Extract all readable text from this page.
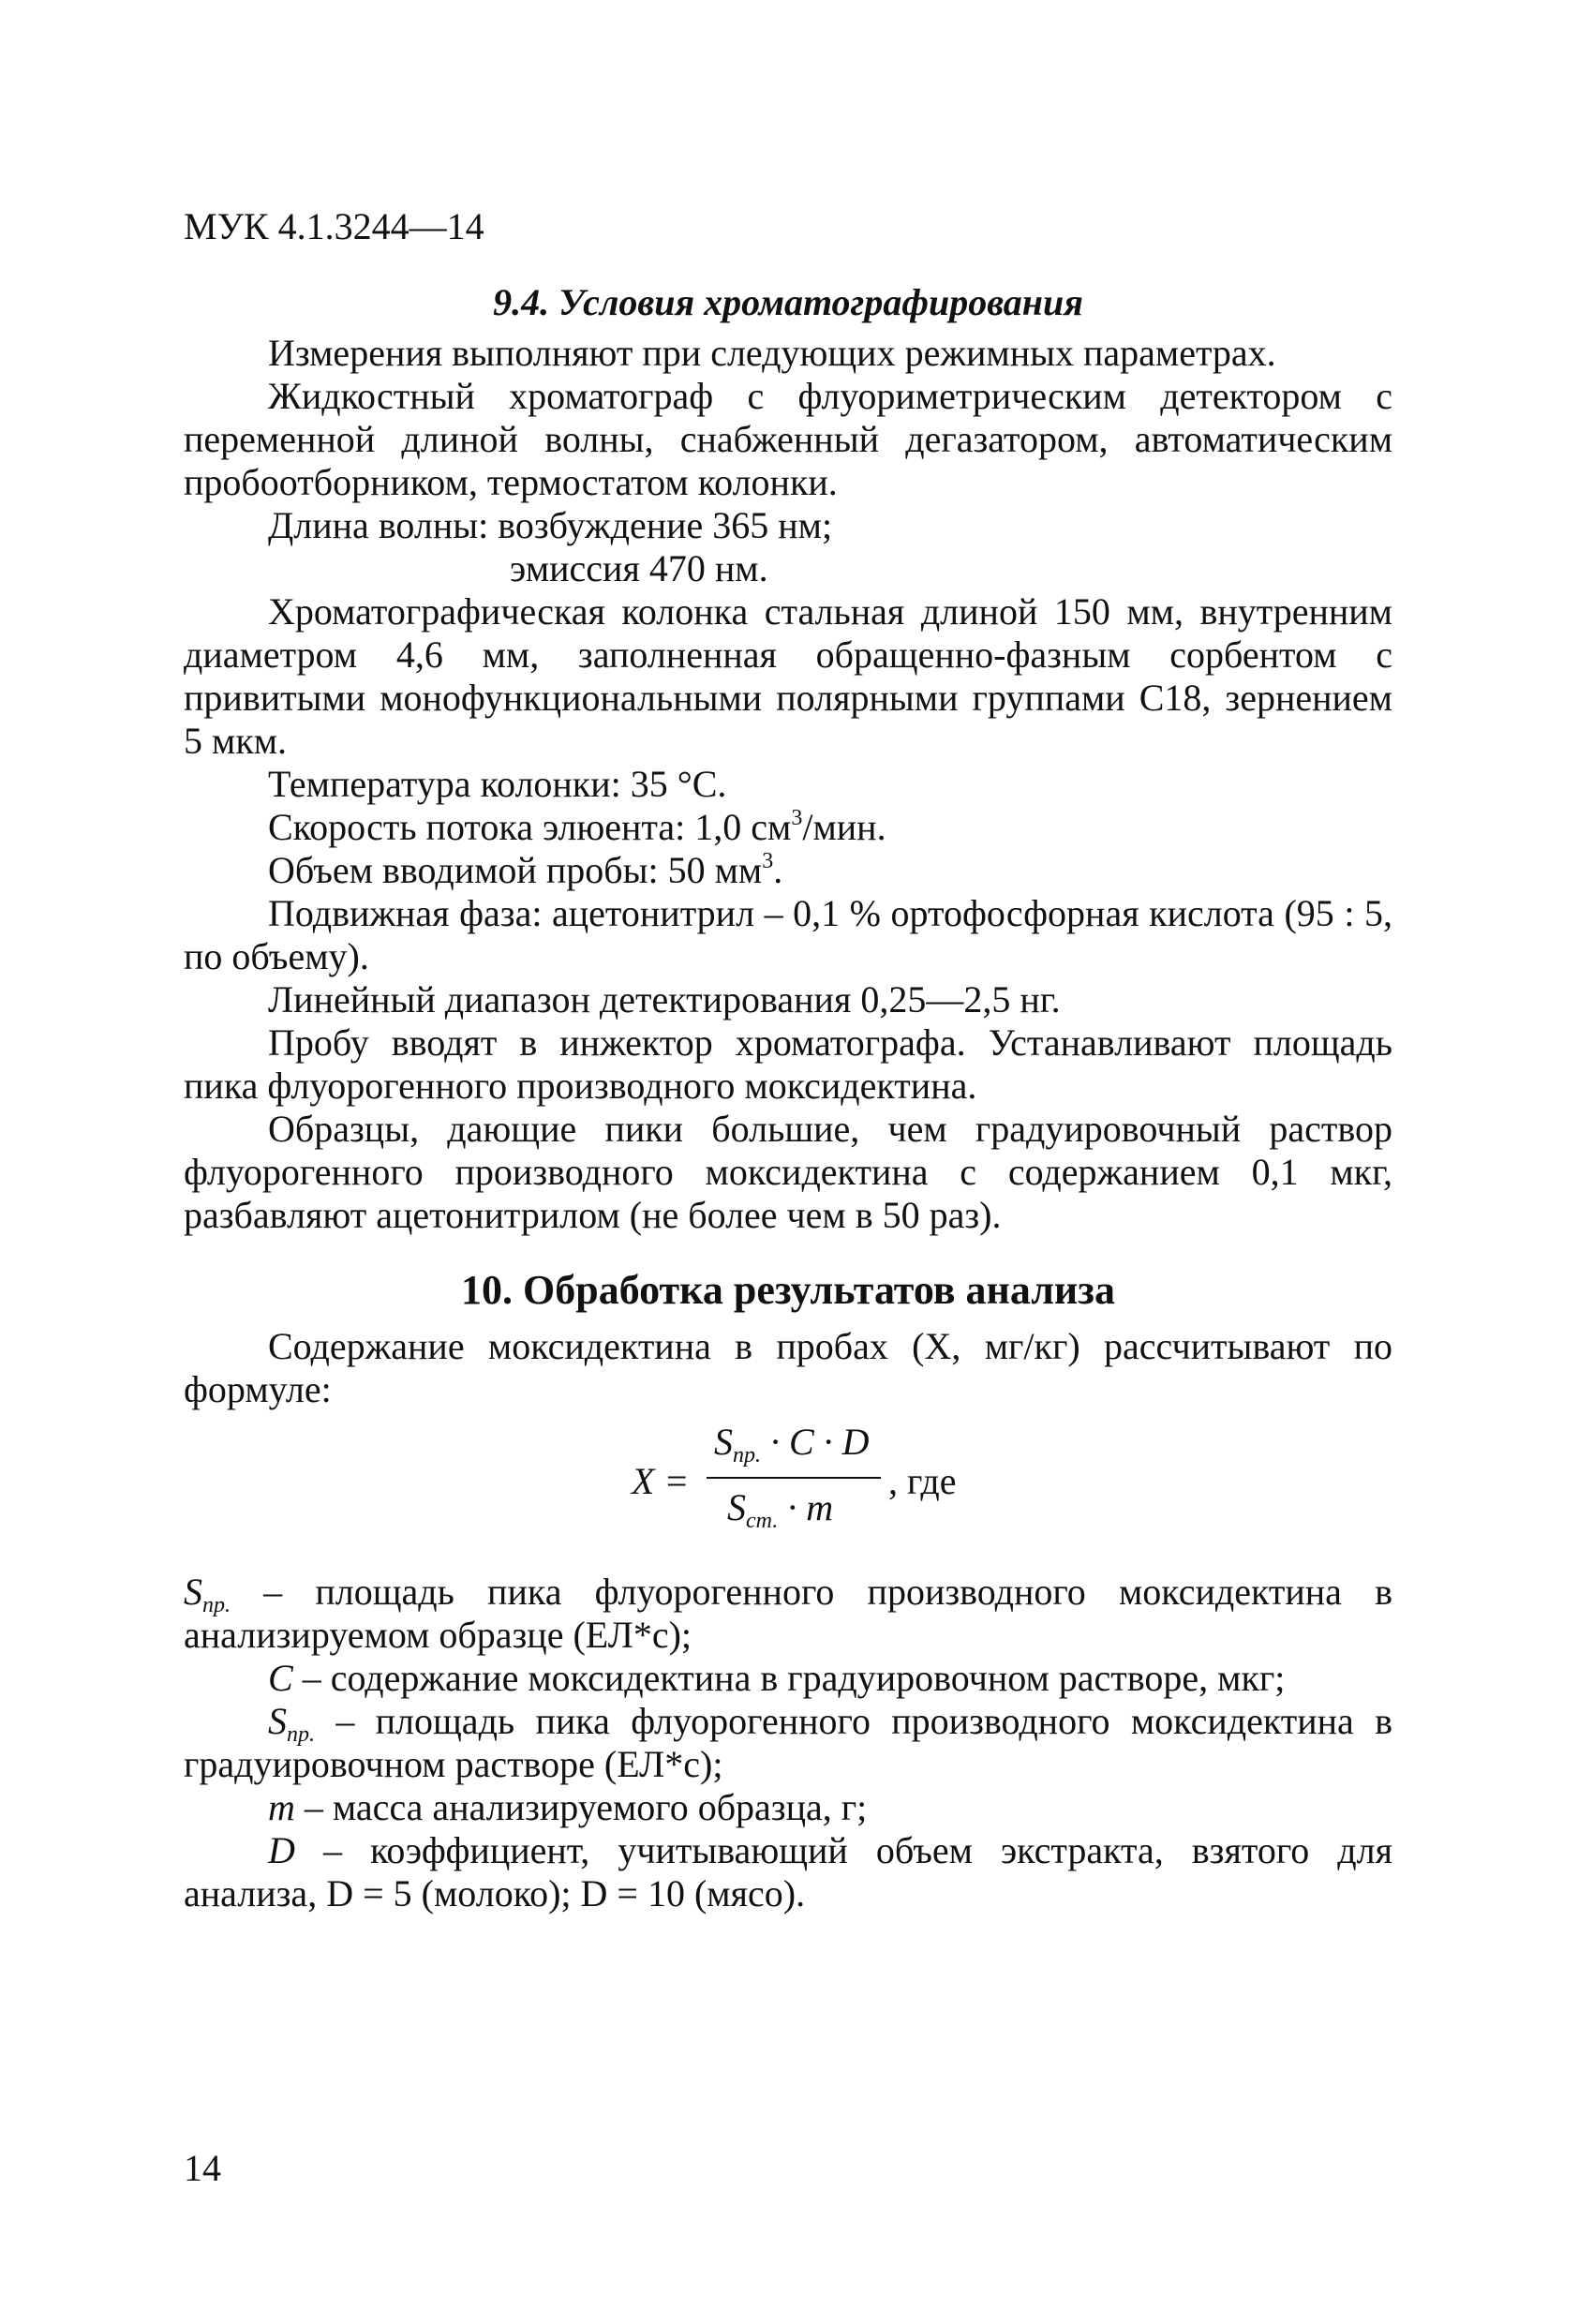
МУК 4.1.3244—14
9.4. Условия хроматографирования

Измерения выполняют при следующих режимных параметрах.

Жидкостный хроматограф с флуориметрическим детектором с переменной длиной волны, снабженный дегазатором, автоматическим пробоотборником, термостатом колонки.

Длина волны: возбуждение 365 нм;

эмиссия 470 нм.

Хроматографическая колонка стальная длиной 150 мм, внутренним диаметром 4,6 мм, заполненная обращенно-фазным сорбентом с привитыми монофункциональными полярными группами С18, зернением 5 мкм.

Температура колонки: 35 °С.

Скорость потока элюента: 1,0 $см^3$/мин.

Объем вводимой пробы: 50 $мм^3$.

Подвижная фаза: ацетонитрил – 0,1 % ортофосфорная кислота (95 : 5, по объему).

Линейный диапазон детектирования 0,25—2,5 нг.

Пробу вводят в инжектор хроматографа. Устанавливают площадь пика флуорогенного производного моксидектина.

Образцы, дающие пики большие, чем градуировочный раствор флуорогенного производного моксидектина с содержанием 0,1 мкг, разбавляют ацетонитрилом (не более чем в 50 раз).

10. Обработка результатов анализа

Содержание моксидектина в пробах (X, мг/кг) рассчитывают по формуле:

X =
$S_{пр.} \cdot C \cdot D$
$S_{ст.} \cdot m$
, где

$S_{пр.}$ – площадь пика флуорогенного производного моксидектина в анализируемом образце (ЕЛ*с);

C – содержание моксидектина в градуировочном растворе, мкг;

$S_{пр.}$ – площадь пика флуорогенного производного моксидектина в градуировочном растворе (ЕЛ*с);

m – масса анализируемого образца, г;

D – коэффициент, учитывающий объем экстракта, взятого для анализа, D = 5 (молоко); D = 10 (мясо).

14
